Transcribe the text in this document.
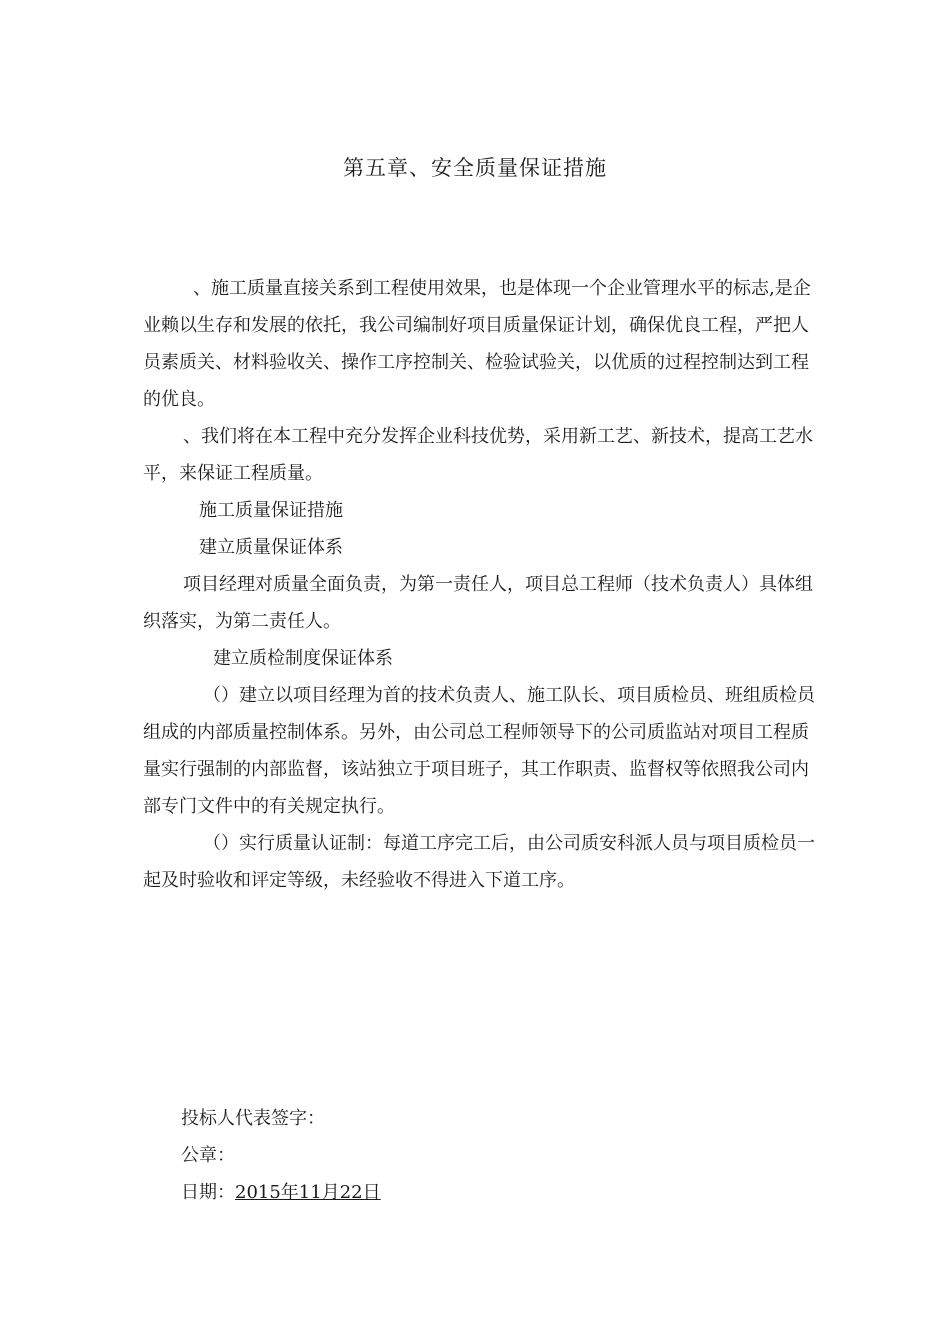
第五章、安全质量保证措施

、施工质量直接关系到工程使用效果，也是体现一个企业管理水平的标志,是企业赖以生存和发展的依托，我公司编制好项目质量保证计划，确保优良工程，严把人员素质关、材料验收关、操作工序控制关、检验试验关，以优质的过程控制达到工程的优良。

、我们将在本工程中充分发挥企业科技优势，采用新工艺、新技术，提高工艺水平，来保证工程质量。

施工质量保证措施

建立质量保证体系

项目经理对质量全面负责，为第一责任人，项目总工程师（技术负责人）具体组织落实，为第二责任人。

建立质检制度保证体系

（）建立以项目经理为首的技术负责人、施工队长、项目质检员、班组质检员组成的内部质量控制体系。另外，由公司总工程师领导下的公司质监站对项目工程质量实行强制的内部监督，该站独立于项目班子，其工作职责、监督权等依照我公司内部专门文件中的有关规定执行。

（）实行质量认证制：每道工序完工后，由公司质安科派人员与项目质检员一起及时验收和评定等级，未经验收不得进入下道工序。

投标人代表签字：

公章：

日期：2015年11月22日
